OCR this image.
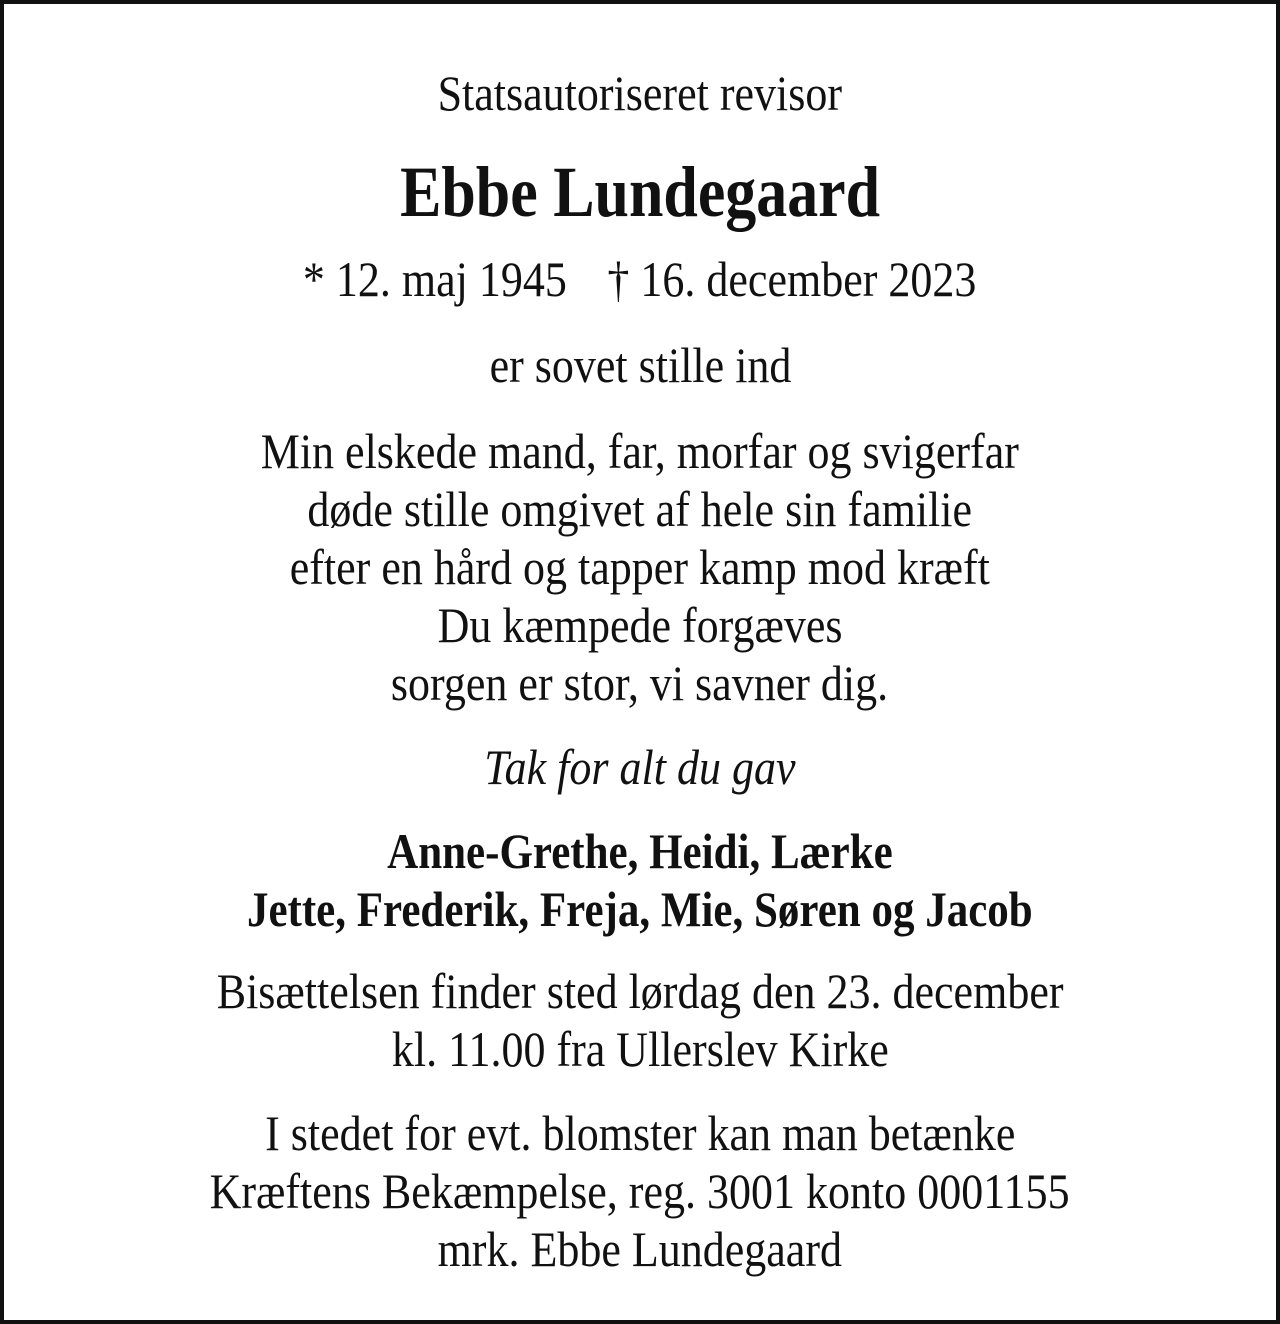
Statsautoriseret revisor
Ebbe Lundegaard
* 12. maj 1945 † 16. december 2023
er sovet stille ind
Min elskede mand, far, morfar og svigerfar
døde stille omgivet af hele sin familie
efter en hård og tapper kamp mod kræft
Du kæmpede forgæves
sorgen er stor, vi savner dig.
Tak for alt du gav
Anne-Grethe, Heidi, Lærke
Jette, Frederik, Freja, Mie, Søren og Jacob
Bisættelsen finder sted lørdag den 23. december
kl. 11.00 fra Ullerslev Kirke
I stedet for evt. blomster kan man betænke
Kræftens Bekæmpelse, reg. 3001 konto 0001155
mrk. Ebbe Lundegaard
